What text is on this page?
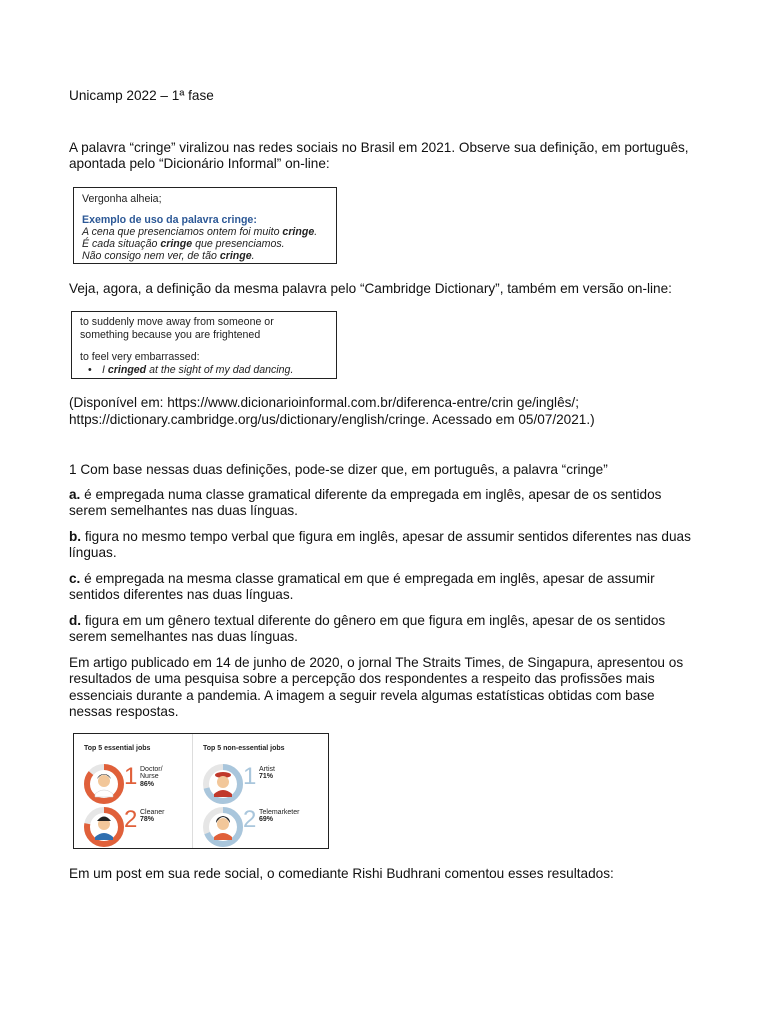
Unicamp 2022 – 1ª fase

A palavra “cringe” viralizou nas redes sociais no Brasil em 2021. Observe sua definição, em português, apontada pelo “Dicionário Informal” on-line:

Vergonha alheia;
Exemplo de uso da palavra cringe:
A cena que presenciamos ontem foi muito cringe.
É cada situação cringe que presenciamos.
Não consigo nem ver, de tão cringe.

Veja, agora, a definição da mesma palavra pelo “Cambridge Dictionary”, também em versão on-line:

to suddenly move away from someone or
something because you are frightened
to feel very embarrassed:
• I cringed at the sight of my dad dancing.

(Disponível em: https://www.dicionarioinformal.com.br/diferenca-entre/crin ge/inglês/;
https://dictionary.cambridge.org/us/dictionary/english/cringe. Acessado em 05/07/2021.)

1 Com base nessas duas definições, pode-se dizer que, em português, a palavra “cringe”

a. é empregada numa classe gramatical diferente da empregada em inglês, apesar de os sentidos serem semelhantes nas duas línguas.

b. figura no mesmo tempo verbal que figura em inglês, apesar de assumir sentidos diferentes nas duas línguas.

c. é empregada na mesma classe gramatical em que é empregada em inglês, apesar de assumir sentidos diferentes nas duas línguas.

d. figura em um gênero textual diferente do gênero em que figura em inglês, apesar de os sentidos serem semelhantes nas duas línguas.

Em artigo publicado em 14 de junho de 2020, o jornal The Straits Times, de Singapura, apresentou os resultados de uma pesquisa sobre a percepção dos respondentes a respeito das profissões mais essenciais durante a pandemia. A imagem a seguir revela algumas estatísticas obtidas com base nessas respostas.

Top 5 essential jobs
1 Doctor/
Nurse
86%
2 Cleaner
78%
Top 5 non-essential jobs
1 Artist
71%
2 Telemarketer
69%

Em um post em sua rede social, o comediante Rishi Budhrani comentou esses resultados:
